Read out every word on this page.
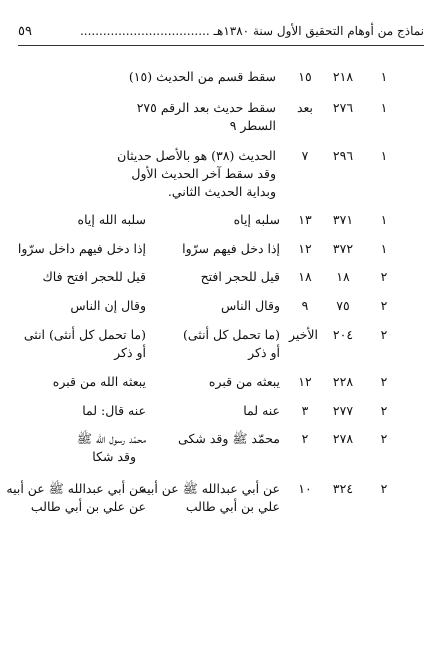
نماذج من أوهام التحقيق الأول سنة ١٣٨٠هـ ..................................
٥٩
١
٢١٨
١٥
سقط قسم من الحديث (١٥)
١
٢٧٦
بعد
سقط حديث بعد الرقم ٢٧٥
السطر ٩
١
٢٩٦
٧
الحديث (٣٨) هو بالأصل حديثان
وقد سقط آخر الحديث الأول
وبداية الحديث الثاني.
١
٣٧١
١٣
سلبه إياه
سلبه الله إياه
١
٣٧٢
١٢
إذا دخل فيهم سرّوا
إذا دخل فيهم داخل سرّوا
٢
١٨
١٨
قيل للحجر افتح
قيل للحجر افتح فاك
٢
٧٥
٩
وقال الناس
وقال إن الناس
٢
٢٠٤
الأخير
(ما تحمل كل أنثى)
أو ذكر
(ما تحمل كل أنثى) انثى
أو ذكر
٢
٢٢٨
١٢
يبعثه من قبره
يبعثه الله من قبره
٢
٢٧٧
٣
عنه لما
عنه قال: لما
٢
٢٧٨
٢
محمّد ﷺ وقد شكى
محمّد رسول الله ﷺ
وقد شكا
٢
٣٢٤
١٠
عن أبي عبدالله ﷺ عن أبيه
علي بن أبي طالب
عن أبي عبدالله ﷺ عن أبيه
عن علي بن أبي طالب
